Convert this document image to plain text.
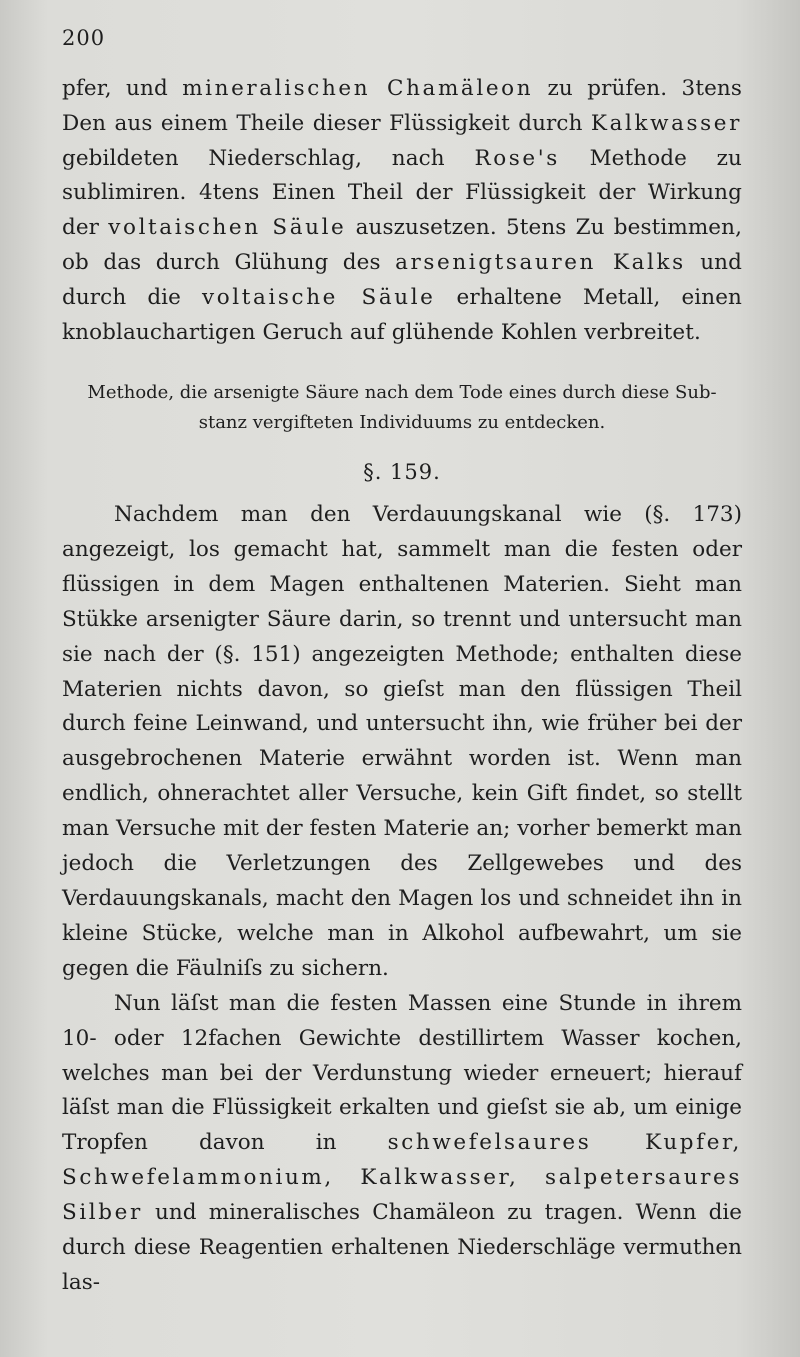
200

pfer, und mineralischen Chamäleon zu prüfen. 3tens Den aus einem Theile dieser Flüssigkeit durch Kalkwasser gebildeten Niederschlag, nach Rose's Methode zu sublimiren. 4tens Einen Theil der Flüssigkeit der Wirkung der voltaischen Säule auszusetzen. 5tens Zu bestimmen, ob das durch Glühung des arsenigtsauren Kalks und durch die voltaische Säule erhaltene Metall, einen knoblauchartigen Geruch auf glühende Kohlen verbreitet.

Methode, die arsenigte Säure nach dem Tode eines durch diese Sub-
stanz vergifteten Individuums zu entdecken.
§. 159.

Nachdem man den Verdauungskanal wie (§. 173) angezeigt, los gemacht hat, sammelt man die festen oder flüssigen in dem Magen enthaltenen Materien. Sieht man Stükke arsenigter Säure darin, so trennt und untersucht man sie nach der (§. 151) angezeigten Methode; enthalten diese Materien nichts davon, so gieſst man den flüssigen Theil durch feine Leinwand, und untersucht ihn, wie früher bei der ausgebrochenen Materie erwähnt worden ist. Wenn man endlich, ohnerachtet aller Versuche, kein Gift findet, so stellt man Versuche mit der festen Materie an; vorher bemerkt man jedoch die Verletzungen des Zellgewebes und des Verdauungskanals, macht den Magen los und schneidet ihn in kleine Stücke, welche man in Alkohol aufbewahrt, um sie gegen die Fäulniſs zu sichern.

Nun läſst man die festen Massen eine Stunde in ihrem 10- oder 12fachen Gewichte destillirtem Wasser kochen, welches man bei der Verdunstung wieder erneuert; hierauf läſst man die Flüssigkeit erkalten und gieſst sie ab, um einige Tropfen davon in schwefelsaures Kupfer, Schwefelammonium, Kalkwasser, salpetersaures Silber und mineralisches Chamäleon zu tragen. Wenn die durch diese Reagentien erhaltenen Niederschläge vermuthen las-
